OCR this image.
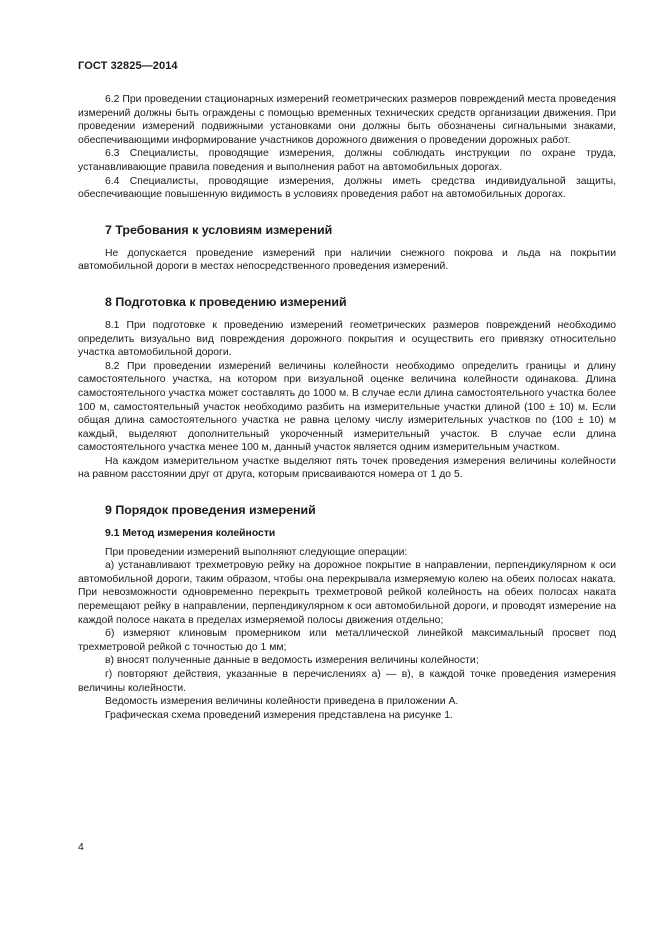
ГОСТ 32825—2014

6.2 При проведении стационарных измерений геометрических размеров повреждений места проведения измерений должны быть ограждены с помощью временных технических средств организации движения. При проведении измерений подвижными установками они должны быть обозначены сигнальными знаками, обеспечивающими информирование участников дорожного движения о проведении дорожных работ.

6.3 Специалисты, проводящие измерения, должны соблюдать инструкции по охране труда, устанавливающие правила поведения и выполнения работ на автомобильных дорогах.

6.4 Специалисты, проводящие измерения, должны иметь средства индивидуальной защиты, обеспечивающие повышенную видимость в условиях проведения работ на автомобильных дорогах.

7 Требования к условиям измерений

Не допускается проведение измерений при наличии снежного покрова и льда на покрытии автомобильной дороги в местах непосредственного проведения измерений.

8 Подготовка к проведению измерений

8.1 При подготовке к проведению измерений геометрических размеров повреждений необходимо определить визуально вид повреждения дорожного покрытия и осуществить его привязку относительно участка автомобильной дороги.

8.2 При проведении измерений величины колейности необходимо определить границы и длину самостоятельного участка, на котором при визуальной оценке величина колейности одинакова. Длина самостоятельного участка может составлять до 1000 м. В случае если длина самостоятельного участка более 100 м, самостоятельный участок необходимо разбить на измерительные участки длиной (100 ± 10) м. Если общая длина самостоятельного участка не равна целому числу измерительных участков по (100 ± 10) м каждый, выделяют дополнительный укороченный измерительный участок. В случае если длина самостоятельного участка менее 100 м, данный участок является одним измерительным участком.

На каждом измерительном участке выделяют пять точек проведения измерения величины колейности на равном расстоянии друг от друга, которым присваиваются номера от 1 до 5.

9 Порядок проведения измерений
9.1 Метод измерения колейности

При проведении измерений выполняют следующие операции:

а) устанавливают трехметровую рейку на дорожное покрытие в направлении, перпендикулярном к оси автомобильной дороги, таким образом, чтобы она перекрывала измеряемую колею на обеих полосах наката. При невозможности одновременно перекрыть трехметровой рейкой колейность на обеих полосах наката перемещают рейку в направлении, перпендикулярном к оси автомобильной дороги, и проводят измерение на каждой полосе наката в пределах измеряемой полосы движения отдельно;

б) измеряют клиновым промерником или металлической линейкой максимальный просвет под трехметровой рейкой с точностью до 1 мм;

в) вносят полученные данные в ведомость измерения величины колейности;

г) повторяют действия, указанные в перечислениях а) — в), в каждой точке проведения измерения величины колейности.

Ведомость измерения величины колейности приведена в приложении А.

Графическая схема проведений измерения представлена на рисунке 1.

4
